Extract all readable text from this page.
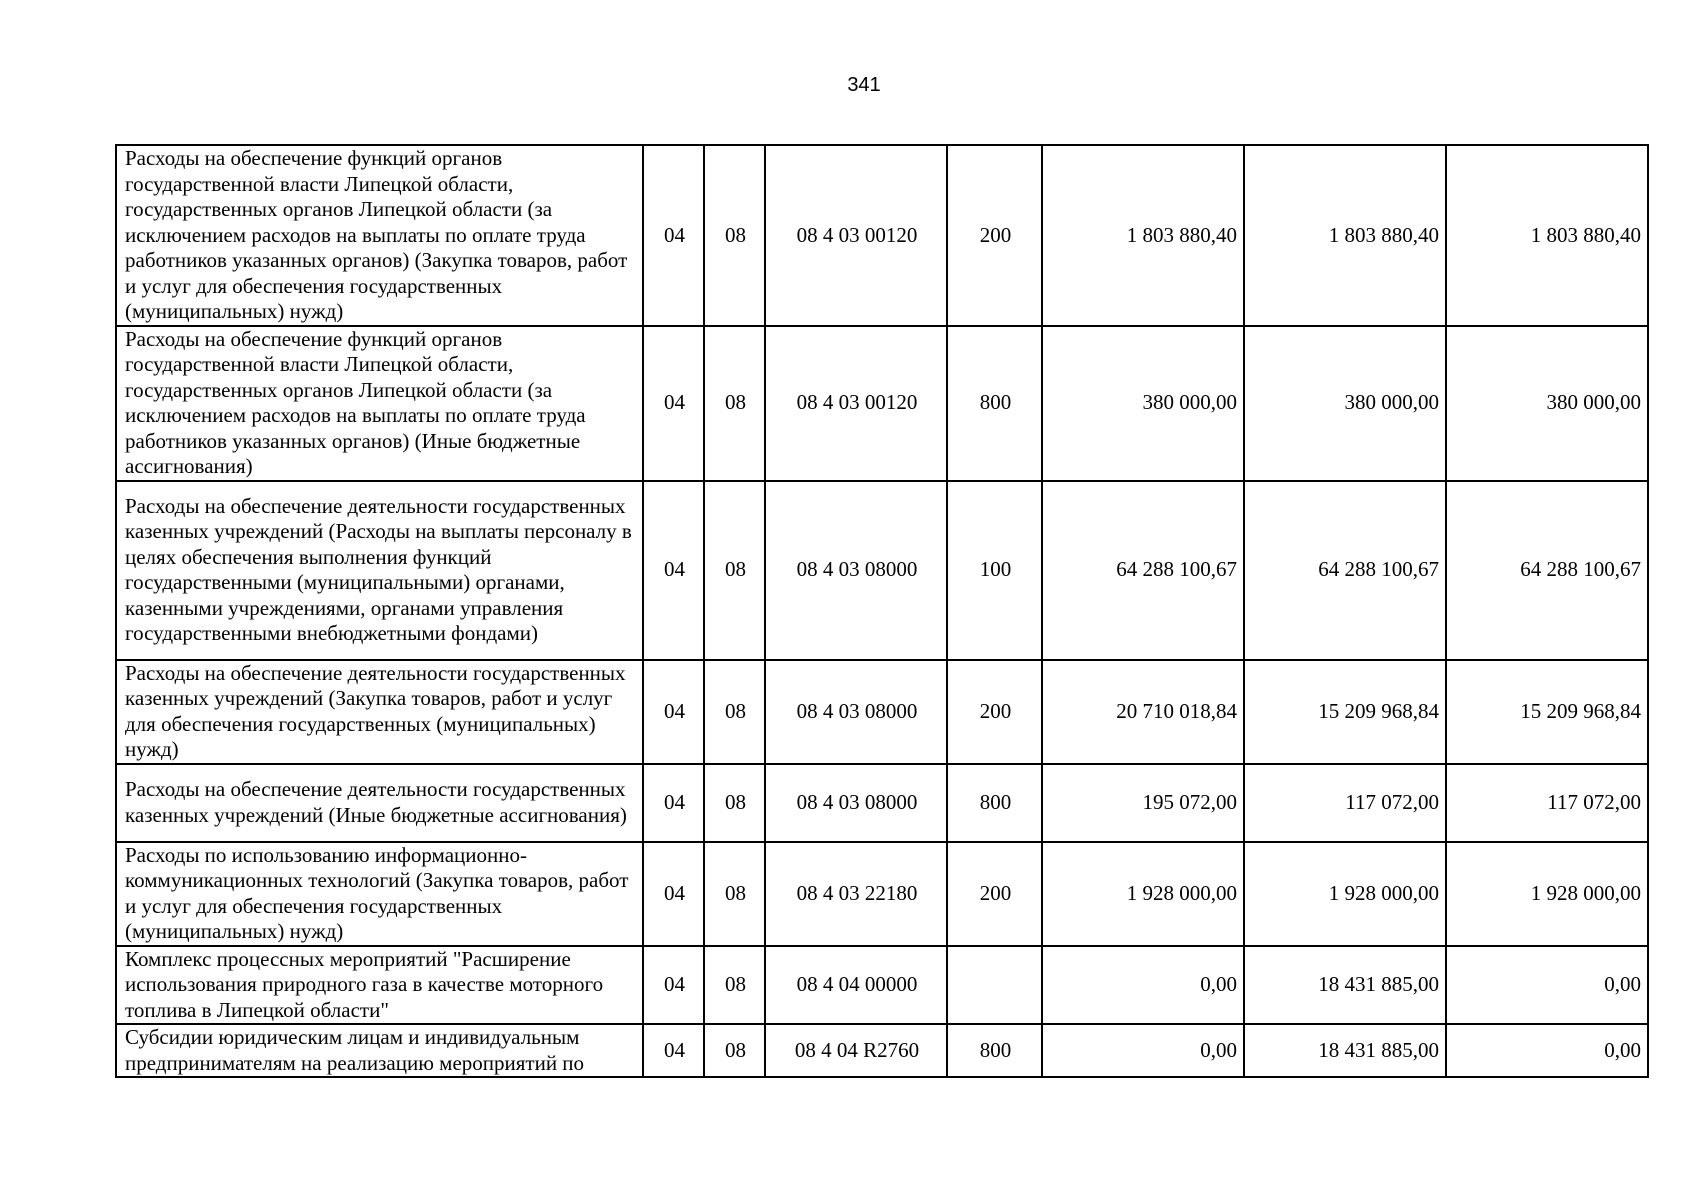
341
Расходы на обеспечение функций органов государственной власти Липецкой области, государственных органов Липецкой области (за исключением расходов на выплаты по оплате труда работников указанных органов) (Закупка товаров, работ и услуг для обеспечения государственных (муниципальных) нужд)	04	08	08 4 03 00120	200	1 803 880,40	1 803 880,40	1 803 880,40
Расходы на обеспечение функций органов государственной власти Липецкой области, государственных органов Липецкой области (за исключением расходов на выплаты по оплате труда работников указанных органов) (Иные бюджетные ассигнования)	04	08	08 4 03 00120	800	380 000,00	380 000,00	380 000,00
Расходы на обеспечение деятельности государственных казенных учреждений (Расходы на выплаты персоналу в целях обеспечения выполнения функций государственными (муниципальными) органами, казенными учреждениями, органами управления государственными внебюджетными фондами)	04	08	08 4 03 08000	100	64 288 100,67	64 288 100,67	64 288 100,67
Расходы на обеспечение деятельности государственных казенных учреждений (Закупка товаров, работ и услуг для обеспечения государственных (муниципальных) нужд)	04	08	08 4 03 08000	200	20 710 018,84	15 209 968,84	15 209 968,84
Расходы на обеспечение деятельности государственных казенных учреждений (Иные бюджетные ассигнования)	04	08	08 4 03 08000	800	195 072,00	117 072,00	117 072,00
Расходы по использованию информационно-коммуникационных технологий (Закупка товаров, работ и услуг для обеспечения государственных (муниципальных) нужд)	04	08	08 4 03 22180	200	1 928 000,00	1 928 000,00	1 928 000,00
Комплекс процессных мероприятий "Расширение использования природного газа в качестве моторного топлива в Липецкой области"	04	08	08 4 04 00000		0,00	18 431 885,00	0,00
Субсидии юридическим лицам и индивидуальным предпринимателям на реализацию мероприятий по	04	08	08 4 04 R2760	800	0,00	18 431 885,00	0,00
